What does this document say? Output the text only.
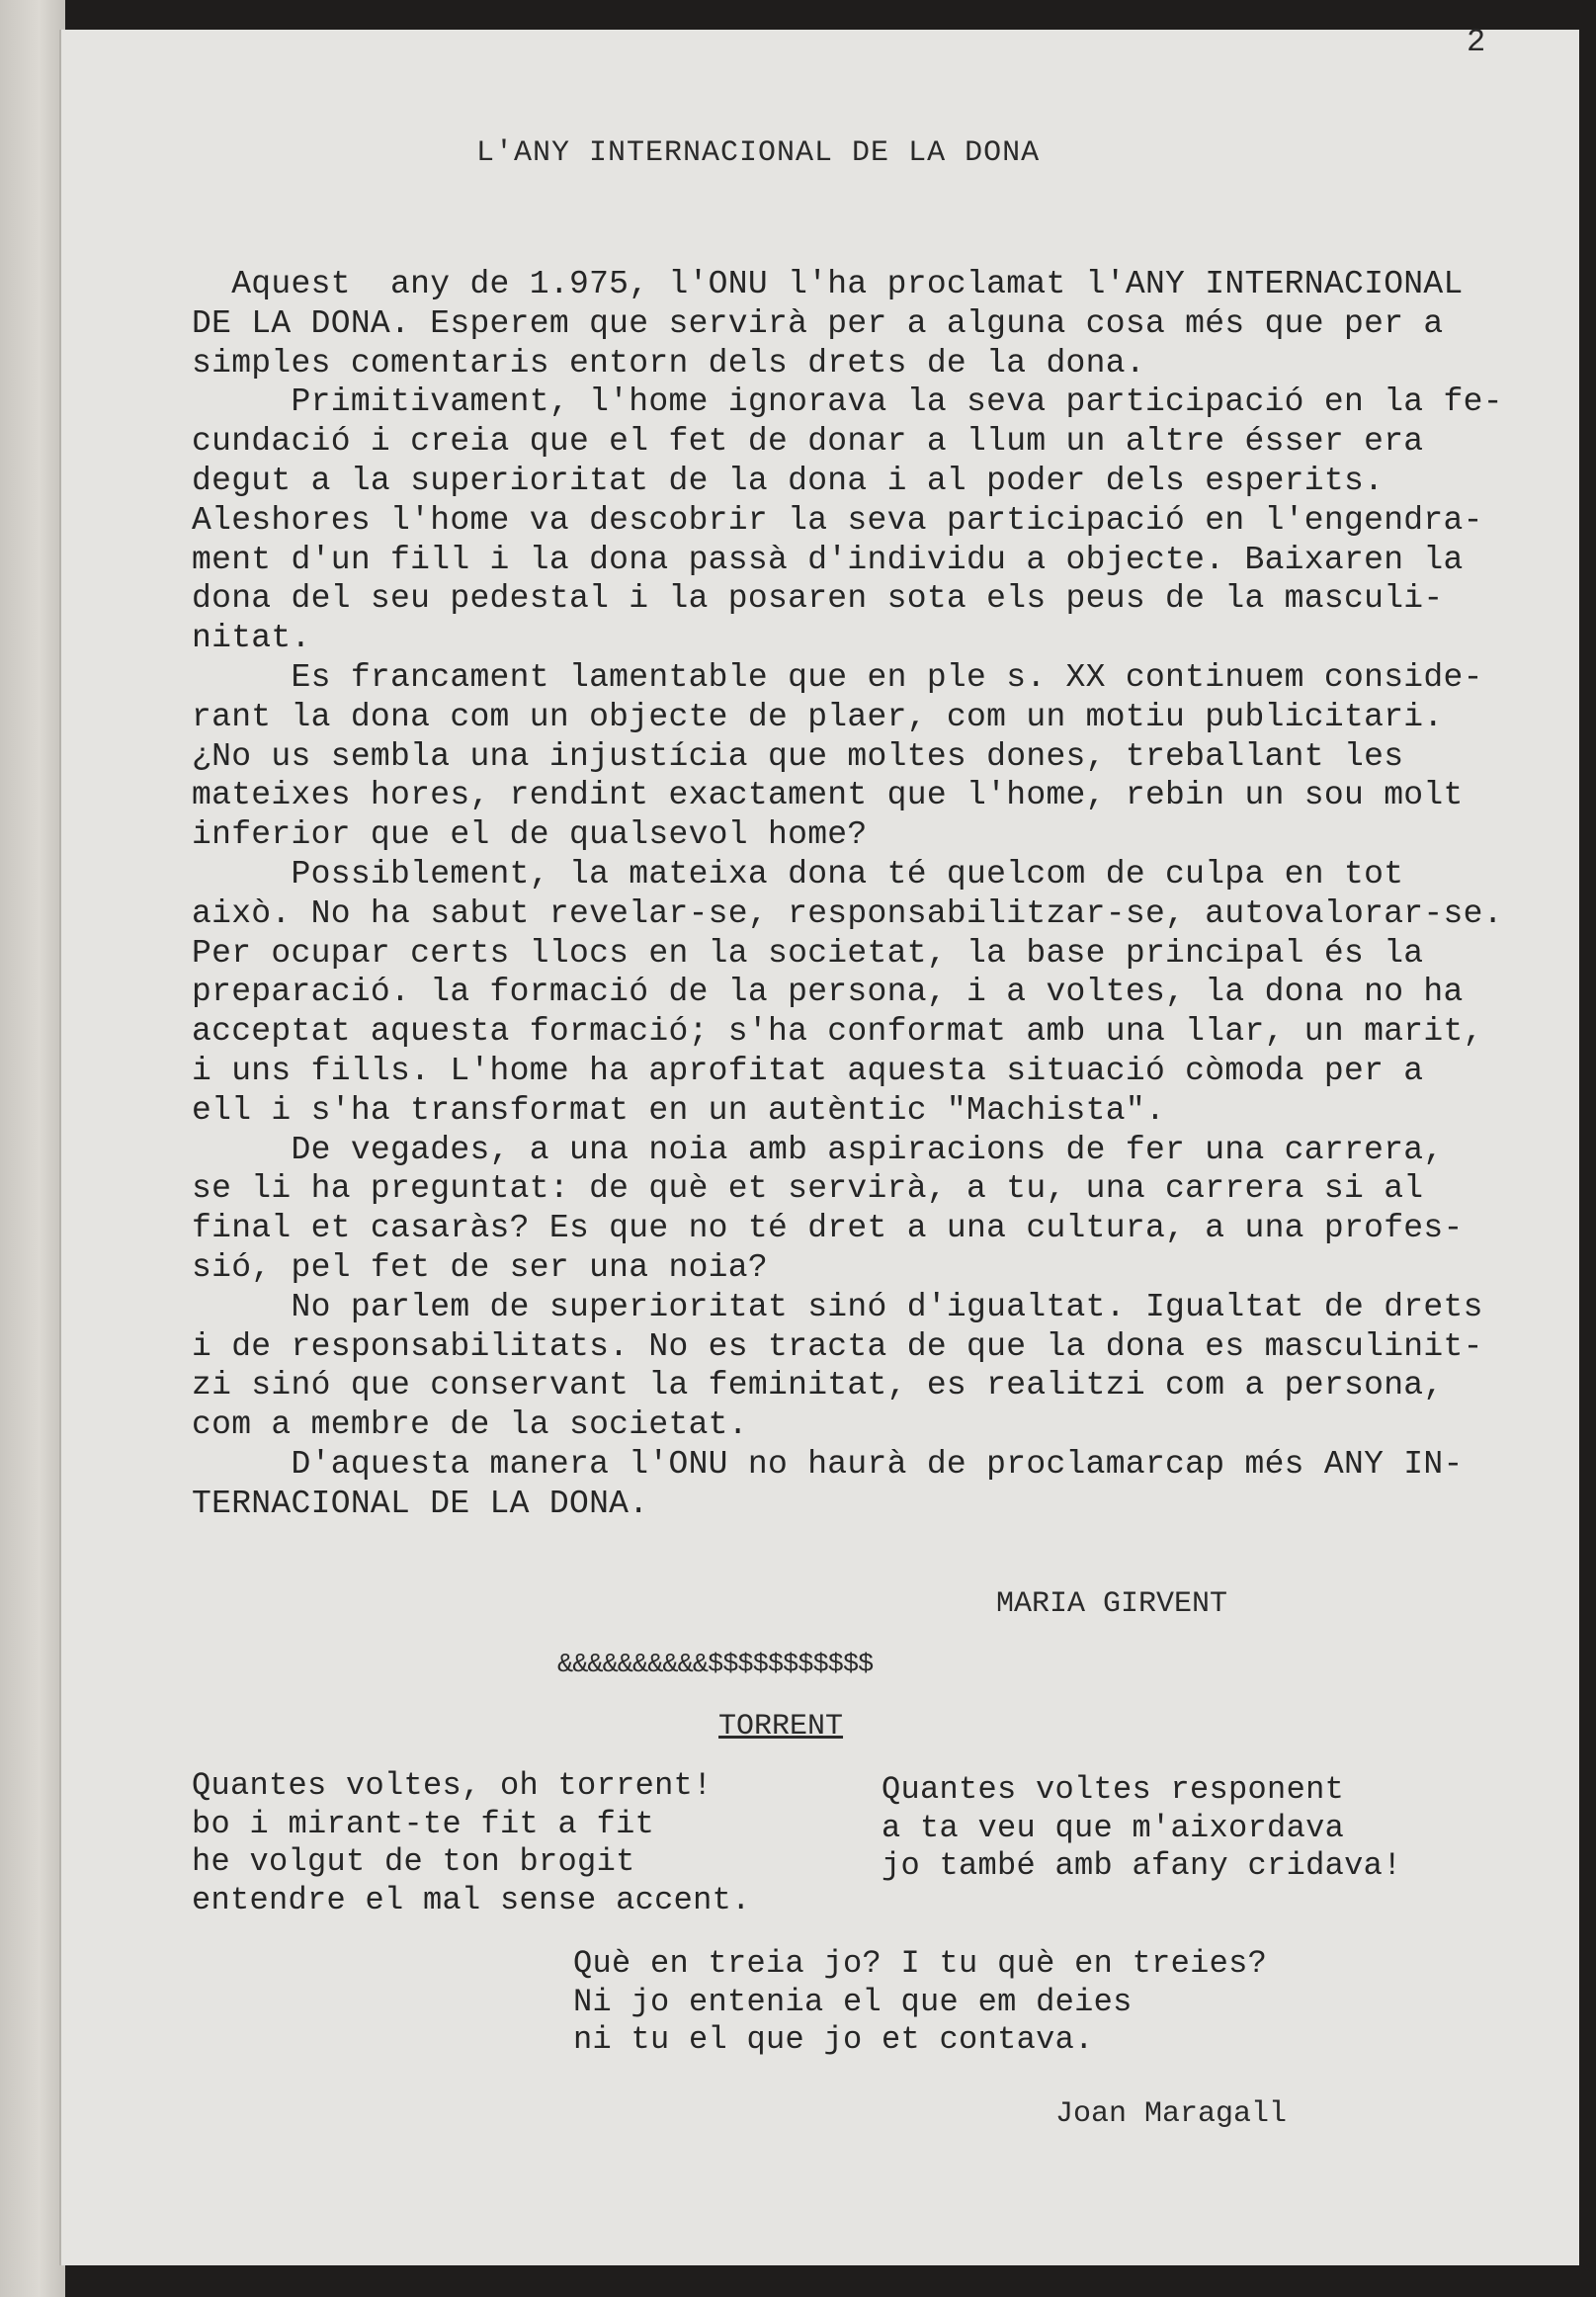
2
L'ANY INTERNACIONAL DE LA DONA
Aquest  any de 1.975, l'ONU l'ha proclamat l'ANY INTERNACIONAL
DE LA DONA. Esperem que servirà per a alguna cosa més que per a
simples comentaris entorn dels drets de la dona.
Primitivament, l'home ignorava la seva participació en la fe-
cundació i creia que el fet de donar a llum un altre ésser era
degut a la superioritat de la dona i al poder dels esperits.
Aleshores l'home va descobrir la seva participació en l'engendra-
ment d'un fill i la dona passà d'individu a objecte. Baixaren la
dona del seu pedestal i la posaren sota els peus de la masculi-
nitat.
Es francament lamentable que en ple s. XX continuem conside-
rant la dona com un objecte de plaer, com un motiu publicitari.
¿No us sembla una injustícia que moltes dones, treballant les
mateixes hores, rendint exactament que l'home, rebin un sou molt
inferior que el de qualsevol home?
Possiblement, la mateixa dona té quelcom de culpa en tot
això. No ha sabut revelar-se, responsabilitzar-se, autovalorar-se.
Per ocupar certs llocs en la societat, la base principal és la
preparació. la formació de la persona, i a voltes, la dona no ha
acceptat aquesta formació; s'ha conformat amb una llar, un marit,
i uns fills. L'home ha aprofitat aquesta situació còmoda per a
ell i s'ha transformat en un autèntic "Machista".
De vegades, a una noia amb aspiracions de fer una carrera,
se li ha preguntat: de què et servirà, a tu, una carrera si al
final et casaràs? Es que no té dret a una cultura, a una profes-
sió, pel fet de ser una noia?
No parlem de superioritat sinó d'igualtat. Igualtat de drets
i de responsabilitats. No es tracta de que la dona es masculinit-
zi sinó que conservant la feminitat, es realitzi com a persona,
com a membre de la societat.
D'aquesta manera l'ONU no haurà de proclamarcap més ANY IN-
TERNACIONAL DE LA DONA.
MARIA GIRVENT
&&&&&&&&&&$$$$$$$$$$$
TORRENT
Quantes voltes, oh torrent!
bo i mirant-te fit a fit
he volgut de ton brogit
entendre el mal sense accent.
Quantes voltes responent
a ta veu que m'aixordava
jo també amb afany cridava!
Què en treia jo? I tu què en treies?
Ni jo entenia el que em deies
ni tu el que jo et contava.
Joan Maragall
